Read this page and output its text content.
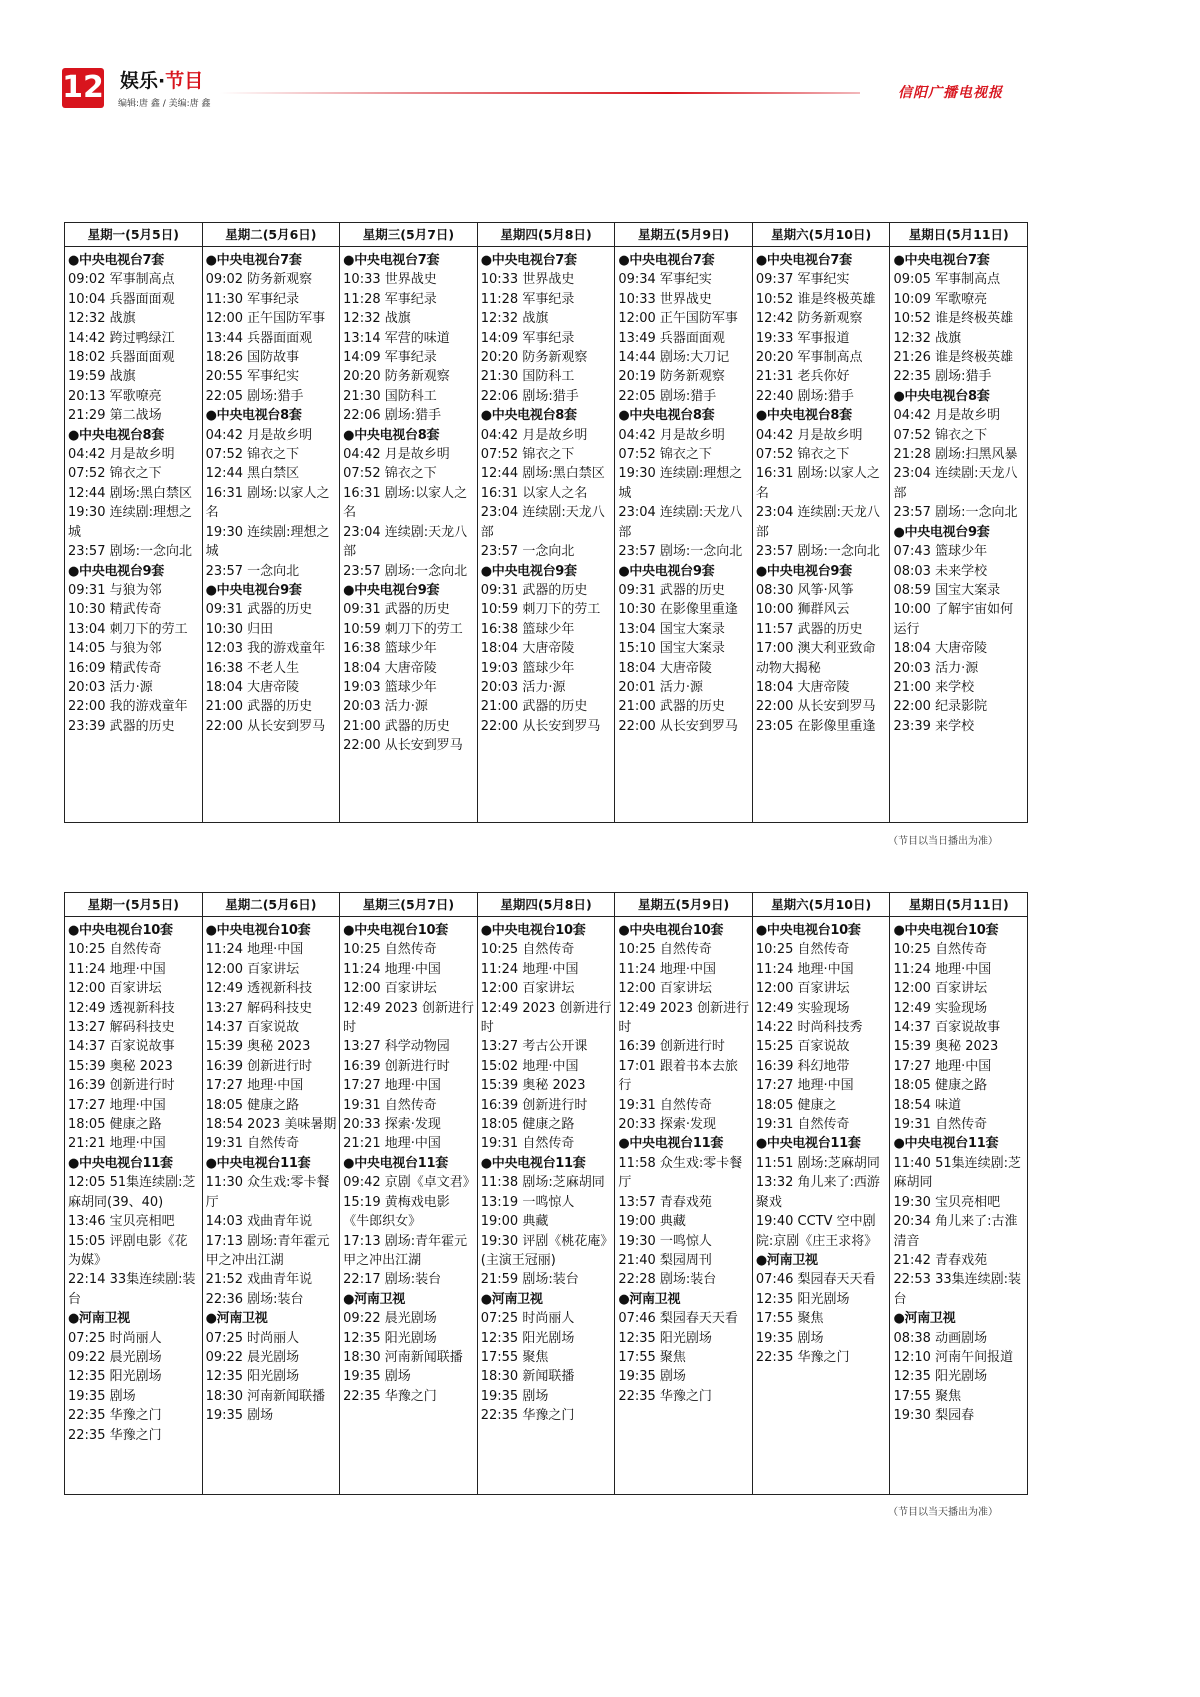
12 娱乐·节目
编辑:唐 鑫 / 美编:唐 鑫
信阳广播电视报
星期一(5月5日)
●中央电视台7套
09:02 军事制高点
10:04 兵器面面观
12:32 战旗
14:42 跨过鸭绿江
18:02 兵器面面观
19:59 战旗
20:13 军歌嘹亮
21:29 第二战场
●中央电视台8套
04:42 月是故乡明
07:52 锦衣之下
12:44 剧场:黑白禁区
19:30 连续剧:理想之城
23:57 剧场:一念向北
●中央电视台9套
09:31 与狼为邻
10:30 精武传奇
13:04 刺刀下的劳工
14:05 与狼为邻
16:09 精武传奇
20:03 活力·源
22:00 我的游戏童年
23:39 武器的历史
星期二(5月6日)
●中央电视台7套
09:02 防务新观察
11:30 军事纪录
12:00 正午国防军事
13:44 兵器面面观
18:26 国防故事
20:55 军事纪实
22:05 剧场:猎手
●中央电视台8套
04:42 月是故乡明
07:52 锦衣之下
12:44 黑白禁区
16:31 剧场:以家人之名
19:30 连续剧:理想之城
23:57 一念向北
●中央电视台9套
09:31 武器的历史
10:30 归田
12:03 我的游戏童年
16:38 不老人生
18:04 大唐帝陵
21:00 武器的历史
22:00 从长安到罗马
星期三(5月7日)
●中央电视台7套
10:33 世界战史
11:28 军事纪录
12:32 战旗
13:14 军营的味道
14:09 军事纪录
20:20 防务新观察
21:30 国防科工
22:06 剧场:猎手
●中央电视台8套
04:42 月是故乡明
07:52 锦衣之下
16:31 剧场:以家人之名
23:04 连续剧:天龙八部
23:57 剧场:一念向北
●中央电视台9套
09:31 武器的历史
10:59 刺刀下的劳工
16:38 篮球少年
18:04 大唐帝陵
19:03 篮球少年
20:03 活力·源
21:00 武器的历史
22:00 从长安到罗马
星期四(5月8日)
●中央电视台7套
10:33 世界战史
11:28 军事纪录
12:32 战旗
14:09 军事纪录
20:20 防务新观察
21:30 国防科工
22:06 剧场:猎手
●中央电视台8套
04:42 月是故乡明
07:52 锦衣之下
12:44 剧场:黑白禁区
16:31 以家人之名
23:04 连续剧:天龙八部
23:57 一念向北
●中央电视台9套
09:31 武器的历史
10:59 刺刀下的劳工
16:38 篮球少年
18:04 大唐帝陵
19:03 篮球少年
20:03 活力·源
21:00 武器的历史
22:00 从长安到罗马
星期五(5月9日)
●中央电视台7套
09:34 军事纪实
10:33 世界战史
12:00 正午国防军事
13:49 兵器面面观
14:44 剧场:大刀记
20:19 防务新观察
22:05 剧场:猎手
●中央电视台8套
04:42 月是故乡明
07:52 锦衣之下
19:30 连续剧:理想之城
23:04 连续剧:天龙八部
23:57 剧场:一念向北
●中央电视台9套
09:31 武器的历史
10:30 在影像里重逢
13:04 国宝大案录
15:10 国宝大案录
18:04 大唐帝陵
20:01 活力·源
21:00 武器的历史
22:00 从长安到罗马
星期六(5月10日)
●中央电视台7套
09:37 军事纪实
10:52 谁是终极英雄
12:42 防务新观察
19:33 军事报道
20:20 军事制高点
21:31 老兵你好
22:40 剧场:猎手
●中央电视台8套
04:42 月是故乡明
07:52 锦衣之下
16:31 剧场:以家人之名
23:04 连续剧:天龙八部
23:57 剧场:一念向北
●中央电视台9套
08:30 风筝·风筝
10:00 狮群风云
11:57 武器的历史
17:00 澳大利亚致命动物大揭秘
18:04 大唐帝陵
22:00 从长安到罗马
23:05 在影像里重逢
星期日(5月11日)
●中央电视台7套
09:05 军事制高点
10:09 军歌嘹亮
10:52 谁是终极英雄
12:32 战旗
21:26 谁是终极英雄
22:35 剧场:猎手
●中央电视台8套
04:42 月是故乡明
07:52 锦衣之下
21:28 剧场:扫黑风暴
23:04 连续剧:天龙八部
23:57 剧场:一念向北
●中央电视台9套
07:43 篮球少年
08:03 未来学校
08:59 国宝大案录
10:00 了解宇宙如何运行
18:04 大唐帝陵
20:03 活力·源
21:00 来学校
22:00 纪录影院
23:39 来学校
（节目以当日播出为准）
星期一(5月5日)
●中央电视台10套
10:25 自然传奇
11:24 地理·中国
12:00 百家讲坛
12:49 透视新科技
13:27 解码科技史
14:37 百家说故事
15:39 奥秘 2023
16:39 创新进行时
17:27 地理·中国
18:05 健康之路
21:21 地理·中国
●中央电视台11套
12:05 51集连续剧:芝麻胡同(39、40)
13:46 宝贝亮相吧
15:05 评剧电影《花为媒》
22:14 33集连续剧:装台
●河南卫视
07:25 时尚丽人
09:22 晨光剧场
12:35 阳光剧场
19:35 剧场
22:35 华豫之门
22:35 华豫之门
星期二(5月6日)
●中央电视台10套
11:24 地理·中国
12:00 百家讲坛
12:49 透视新科技
13:27 解码科技史
14:37 百家说故
15:39 奥秘 2023
16:39 创新进行时
17:27 地理·中国
18:05 健康之路
18:54 2023 美味暑期 19:31 自然传奇
●中央电视台11套
11:30 众生戏:零卡餐厅
14:03 戏曲青年说
17:13 剧场:青年霍元甲之冲出江湖
21:52 戏曲青年说
22:36 剧场:装台
●河南卫视
07:25 时尚丽人
09:22 晨光剧场
12:35 阳光剧场
18:30 河南新闻联播
19:35 剧场
星期三(5月7日)
●中央电视台10套
10:25 自然传奇
11:24 地理·中国
12:00 百家讲坛
12:49 2023 创新进行时
13:27 科学动物园
16:39 创新进行时
17:27 地理·中国
19:31 自然传奇
20:33 探索·发现
21:21 地理·中国
●中央电视台11套
09:42 京剧《卓文君》
15:19 黄梅戏电影《牛郎织女》
17:13 剧场:青年霍元甲之冲出江湖
22:17 剧场:装台
●河南卫视
09:22 晨光剧场
12:35 阳光剧场
18:30 河南新闻联播
19:35 剧场
22:35 华豫之门
星期四(5月8日)
●中央电视台10套
10:25 自然传奇
11:24 地理·中国
12:00 百家讲坛
12:49 2023 创新进行时
13:27 考古公开课
15:02 地理·中国
15:39 奥秘 2023
16:39 创新进行时
18:05 健康之路
19:31 自然传奇
●中央电视台11套
11:38 剧场:芝麻胡同
13:19 一鸣惊人
19:00 典藏
19:30 评剧《桃花庵》(主演王冠丽)
21:59 剧场:装台
●河南卫视
07:25 时尚丽人
12:35 阳光剧场
17:55 聚焦
18:30 新闻联播
19:35 剧场
22:35 华豫之门
星期五(5月9日)
●中央电视台10套
10:25 自然传奇
11:24 地理·中国
12:00 百家讲坛
12:49 2023 创新进行时
16:39 创新进行时
17:01 跟着书本去旅行
19:31 自然传奇
20:33 探索·发现
●中央电视台11套
11:58 众生戏:零卡餐厅
13:57 青春戏苑
19:00 典藏
19:30 一鸣惊人
21:40 梨园周刊
22:28 剧场:装台
●河南卫视
07:46 梨园春天天看
12:35 阳光剧场
17:55 聚焦
19:35 剧场
22:35 华豫之门
星期六(5月10日)
●中央电视台10套
10:25 自然传奇
11:24 地理·中国
12:00 百家讲坛
12:49 实验现场
14:22 时尚科技秀
15:25 百家说故
16:39 科幻地带
17:27 地理·中国
18:05 健康之
19:31 自然传奇
●中央电视台11套
11:51 剧场:芝麻胡同
13:32 角儿来了:西游聚戏
19:40 CCTV 空中剧院:京剧《庄王求将》
●河南卫视
07:46 梨园春天天看
12:35 阳光剧场
17:55 聚焦
19:35 剧场
22:35 华豫之门
星期日(5月11日)
●中央电视台10套
10:25 自然传奇
11:24 地理·中国
12:00 百家讲坛
12:49 实验现场
14:37 百家说故事
15:39 奥秘 2023
17:27 地理·中国
18:05 健康之路
18:54 味道
19:31 自然传奇
●中央电视台11套
11:40 51集连续剧:芝麻胡同
19:30 宝贝亮相吧
20:34 角儿来了:古淮清音
21:42 青春戏苑
22:53 33集连续剧:装台
●河南卫视
08:38 动画剧场
12:10 河南午间报道
12:35 阳光剧场
17:55 聚焦
19:30 梨园春
（节目以当天播出为准）
